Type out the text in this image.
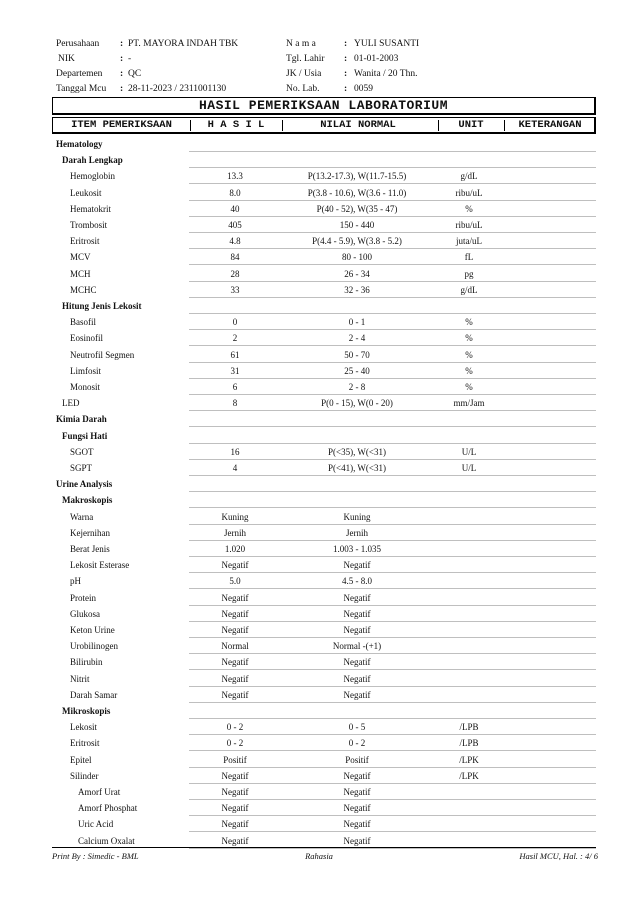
Perusahaan : PT. MAYORA INDAH TBK
NIK	: -
Departemen : QC
Tanggal Mcu : 28-11-2023 / 2311001130
N a m a	: YULI SUSANTI
Tgl. Lahir : 01-01-2003
JK / Usia : Wanita / 20 Thn.
No. Lab.	: 0059
HASIL PEMERIKSAAN LABORATORIUM
ITEM PEMERIKSAAN	H A S I L	NILAI NORMAL	UNIT	KETERANGAN
Hematology
Darah Lengkap
Hemoglobin	13.3	P(13.2-17.3), W(11.7-15.5)	g/dL
Leukosit	8.0	P(3.8 - 10.6), W(3.6 - 11.0)	ribu/uL
Hematokrit	40	P(40 - 52), W(35 - 47)	%
Trombosit	405	150 - 440	ribu/uL
Eritrosit	4.8	P(4.4 - 5.9), W(3.8 - 5.2)	juta/uL
MCV	84	80 - 100	fL
MCH	28	26 - 34	pg
MCHC	33	32 - 36	g/dL
Hitung Jenis Lekosit
Basofil	0	0 - 1	%
Eosinofil	2	2 - 4	%
Neutrofil Segmen	61	50 - 70	%
Limfosit	31	25 - 40	%
Monosit	6	2 - 8	%
LED	8	P(0 - 15), W(0 - 20)	mm/Jam
Kimia Darah
Fungsi Hati
SGOT	16	P(<35), W(<31)	U/L
SGPT	4	P(<41), W(<31)	U/L
Urine Analysis
Makroskopis
Warna	Kuning	Kuning
Kejernihan	Jernih	Jernih
Berat Jenis	1.020	1.003 - 1.035
Lekosit Esterase	Negatif	Negatif
pH	5.0	4.5 - 8.0
Protein	Negatif	Negatif
Glukosa	Negatif	Negatif
Keton Urine	Negatif	Negatif
Urobilinogen	Normal	Normal -(+1)
Bilirubin	Negatif	Negatif
Nitrit	Negatif	Negatif
Darah Samar	Negatif	Negatif
Mikroskopis
Lekosit	0 - 2	0 - 5	/LPB
Eritrosit	0 - 2	0 - 2	/LPB
Epitel	Positif	Positif	/LPK
Silinder	Negatif	Negatif	/LPK
Amorf Urat	Negatif	Negatif
Amorf Phosphat	Negatif	Negatif
Uric Acid	Negatif	Negatif
Calcium Oxalat	Negatif	Negatif
Print By : Simedic - BML	Rahasia	Hasil MCU, Hal. : 4/ 6
